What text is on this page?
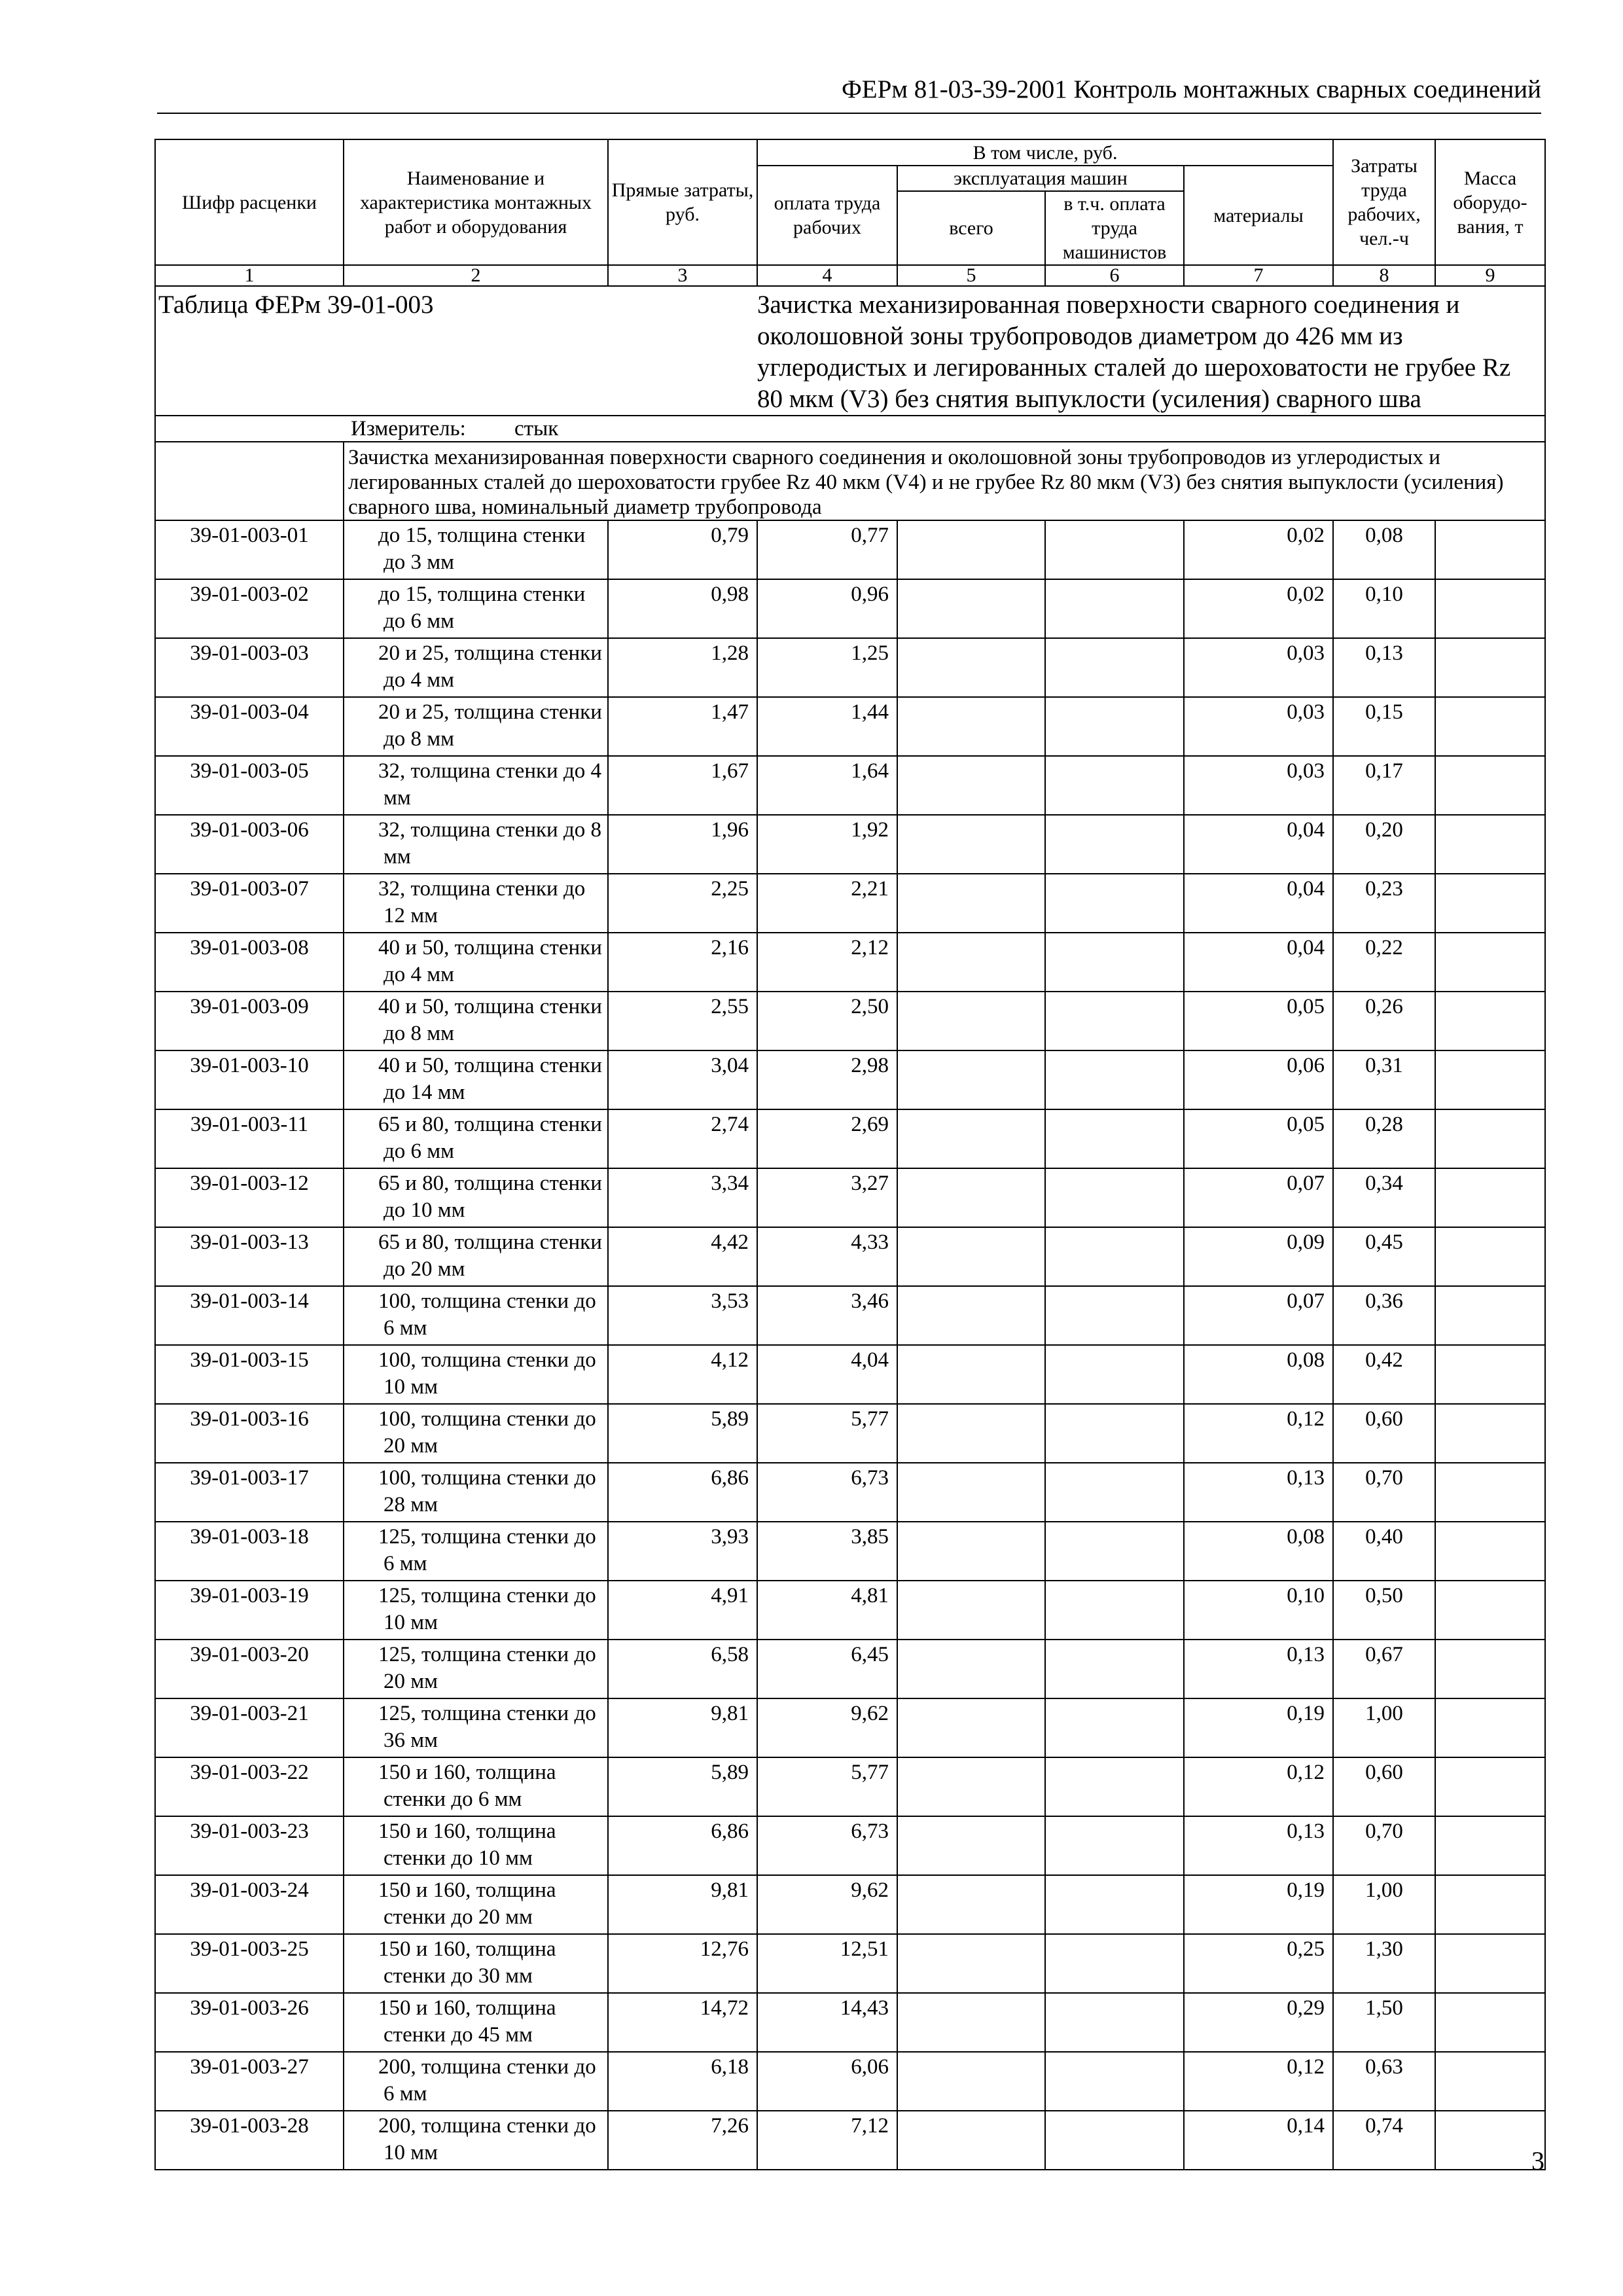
ФЕРм 81-03-39-2001 Контроль монтажных сварных соединений
Шифр расценки	Наименование и характеристика монтажных работ и оборудования	Прямые затраты, руб.	В том числе, руб.				Затраты труда рабочих, чел.-ч	Масса оборудо-вания, т
			оплата труда рабочих	эксплуатация машин		материалы		
				всего	в т.ч. оплата труда машинистов			
1	2	3	4	5	6	7	8	9
Таблица ФЕРм 39-01-003			Зачистка механизированная поверхности сварного соединения и околошовной зоны трубопроводов диаметром до 426 мм из углеродистых и легированных сталей до шероховатости не грубее Rz 80 мкм (V3) без снятия выпуклости (усиления) сварного шва					
Измеритель: стык								
	Зачистка механизированная поверхности сварного соединения и околошовной зоны трубопроводов из углеродистых и легированных сталей до шероховатости грубее Rz 40 мкм (V4) и не грубее Rz 80 мкм (V3) без снятия выпуклости (усиления) сварного шва, номинальный диаметр трубопровода							
39-01-003-01	до 15, толщина стенки до 3 мм	0,79	0,77			0,02	0,08	
39-01-003-02	до 15, толщина стенки до 6 мм	0,98	0,96			0,02	0,10	
39-01-003-03	20 и 25, толщина стенки до 4 мм	1,28	1,25			0,03	0,13	
39-01-003-04	20 и 25, толщина стенки до 8 мм	1,47	1,44			0,03	0,15	
39-01-003-05	32, толщина стенки до 4 мм	1,67	1,64			0,03	0,17	
39-01-003-06	32, толщина стенки до 8 мм	1,96	1,92			0,04	0,20	
39-01-003-07	32, толщина стенки до 12 мм	2,25	2,21			0,04	0,23	
39-01-003-08	40 и 50, толщина стенки до 4 мм	2,16	2,12			0,04	0,22	
39-01-003-09	40 и 50, толщина стенки до 8 мм	2,55	2,50			0,05	0,26	
39-01-003-10	40 и 50, толщина стенки до 14 мм	3,04	2,98			0,06	0,31	
39-01-003-11	65 и 80, толщина стенки до 6 мм	2,74	2,69			0,05	0,28	
39-01-003-12	65 и 80, толщина стенки до 10 мм	3,34	3,27			0,07	0,34	
39-01-003-13	65 и 80, толщина стенки до 20 мм	4,42	4,33			0,09	0,45	
39-01-003-14	100, толщина стенки до 6 мм	3,53	3,46			0,07	0,36	
39-01-003-15	100, толщина стенки до 10 мм	4,12	4,04			0,08	0,42	
39-01-003-16	100, толщина стенки до 20 мм	5,89	5,77			0,12	0,60	
39-01-003-17	100, толщина стенки до 28 мм	6,86	6,73			0,13	0,70	
39-01-003-18	125, толщина стенки до 6 мм	3,93	3,85			0,08	0,40	
39-01-003-19	125, толщина стенки до 10 мм	4,91	4,81			0,10	0,50	
39-01-003-20	125, толщина стенки до 20 мм	6,58	6,45			0,13	0,67	
39-01-003-21	125, толщина стенки до 36 мм	9,81	9,62			0,19	1,00	
39-01-003-22	150 и 160, толщина стенки до 6 мм	5,89	5,77			0,12	0,60	
39-01-003-23	150 и 160, толщина стенки до 10 мм	6,86	6,73			0,13	0,70	
39-01-003-24	150 и 160, толщина стенки до 20 мм	9,81	9,62			0,19	1,00	
39-01-003-25	150 и 160, толщина стенки до 30 мм	12,76	12,51			0,25	1,30	
39-01-003-26	150 и 160, толщина стенки до 45 мм	14,72	14,43			0,29	1,50	
39-01-003-27	200, толщина стенки до 6 мм	6,18	6,06			0,12	0,63	
39-01-003-28	200, толщина стенки до 10 мм	7,26	7,12			0,14	0,74	
3
